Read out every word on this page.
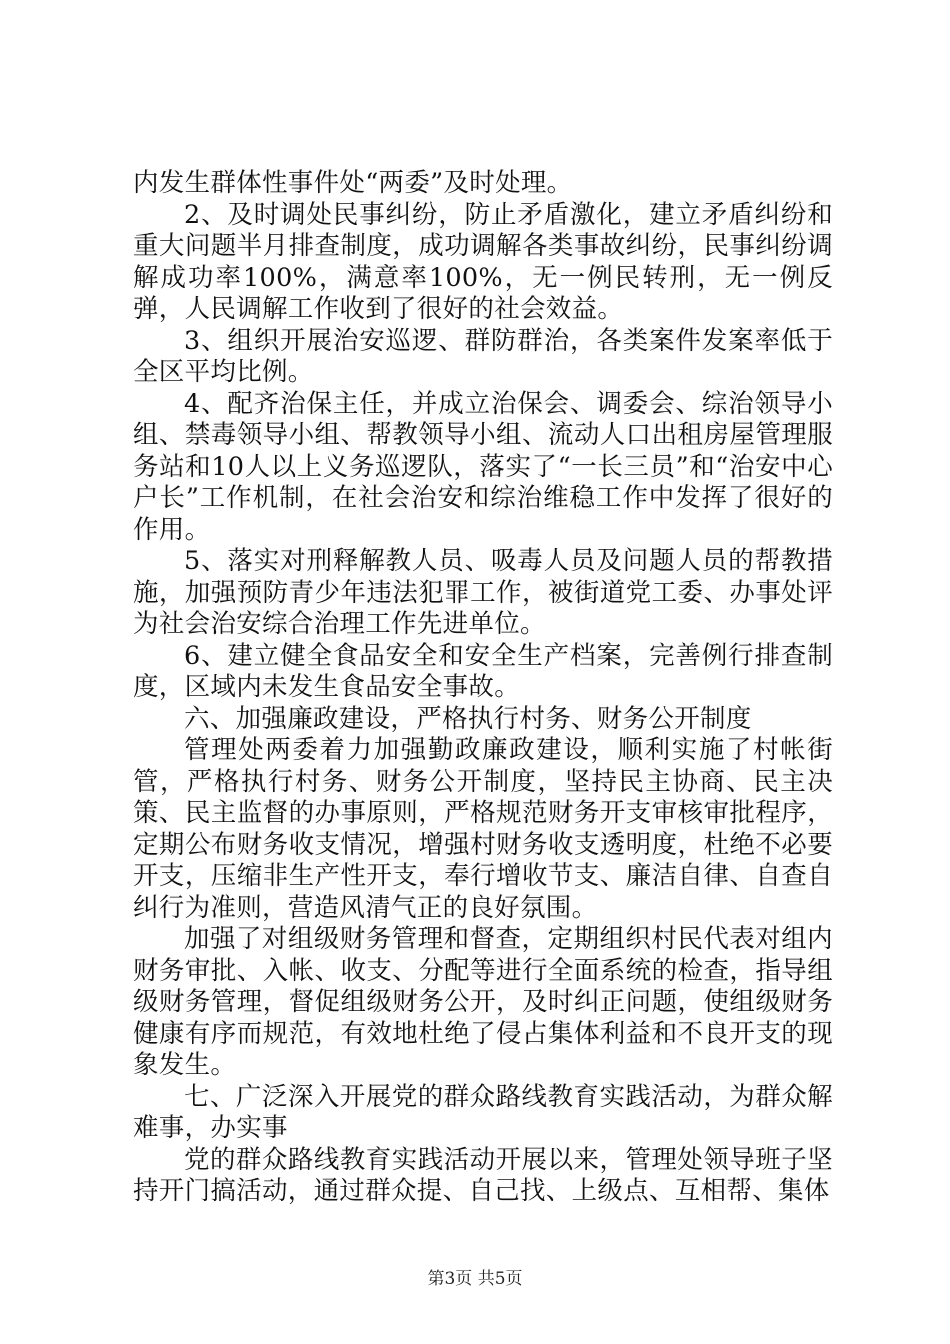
内发生群体性事件处“两委”及时处理。

2、及时调处民事纠纷，防止矛盾激化，建立矛盾纠纷和重大问题半月排查制度，成功调解各类事故纠纷，民事纠纷调解成功率100%，满意率100%，无一例民转刑，无一例反弹，人民调解工作收到了很好的社会效益。

3、组织开展治安巡逻、群防群治，各类案件发案率低于全区平均比例。

4、配齐治保主任，并成立治保会、调委会、综治领导小组、禁毒领导小组、帮教领导小组、流动人口出租房屋管理服务站和10人以上义务巡逻队，落实了“一长三员”和“治安中心户长”工作机制，在社会治安和综治维稳工作中发挥了很好的作用。

5、落实对刑释解教人员、吸毒人员及问题人员的帮教措施，加强预防青少年违法犯罪工作，被街道党工委、办事处评为社会治安综合治理工作先进单位。

6、建立健全食品安全和安全生产档案，完善例行排查制度，区域内未发生食品安全事故。

六、加强廉政建设，严格执行村务、财务公开制度

管理处两委着力加强勤政廉政建设，顺利实施了村帐街管，严格执行村务、财务公开制度，坚持民主协商、民主决策、民主监督的办事原则，严格规范财务开支审核审批程序，定期公布财务收支情况，增强村财务收支透明度，杜绝不必要开支，压缩非生产性开支，奉行增收节支、廉洁自律、自查自纠行为准则，营造风清气正的良好氛围。

加强了对组级财务管理和督查，定期组织村民代表对组内财务审批、入帐、收支、分配等进行全面系统的检查，指导组级财务管理，督促组级财务公开，及时纠正问题，使组级财务健康有序而规范，有效地杜绝了侵占集体利益和不良开支的现象发生。

七、广泛深入开展党的群众路线教育实践活动，为群众解难事，办实事

党的群众路线教育实践活动开展以来，管理处领导班子坚持开门搞活动，通过群众提、自己找、上级点、互相帮、集体

第3页 共5页
